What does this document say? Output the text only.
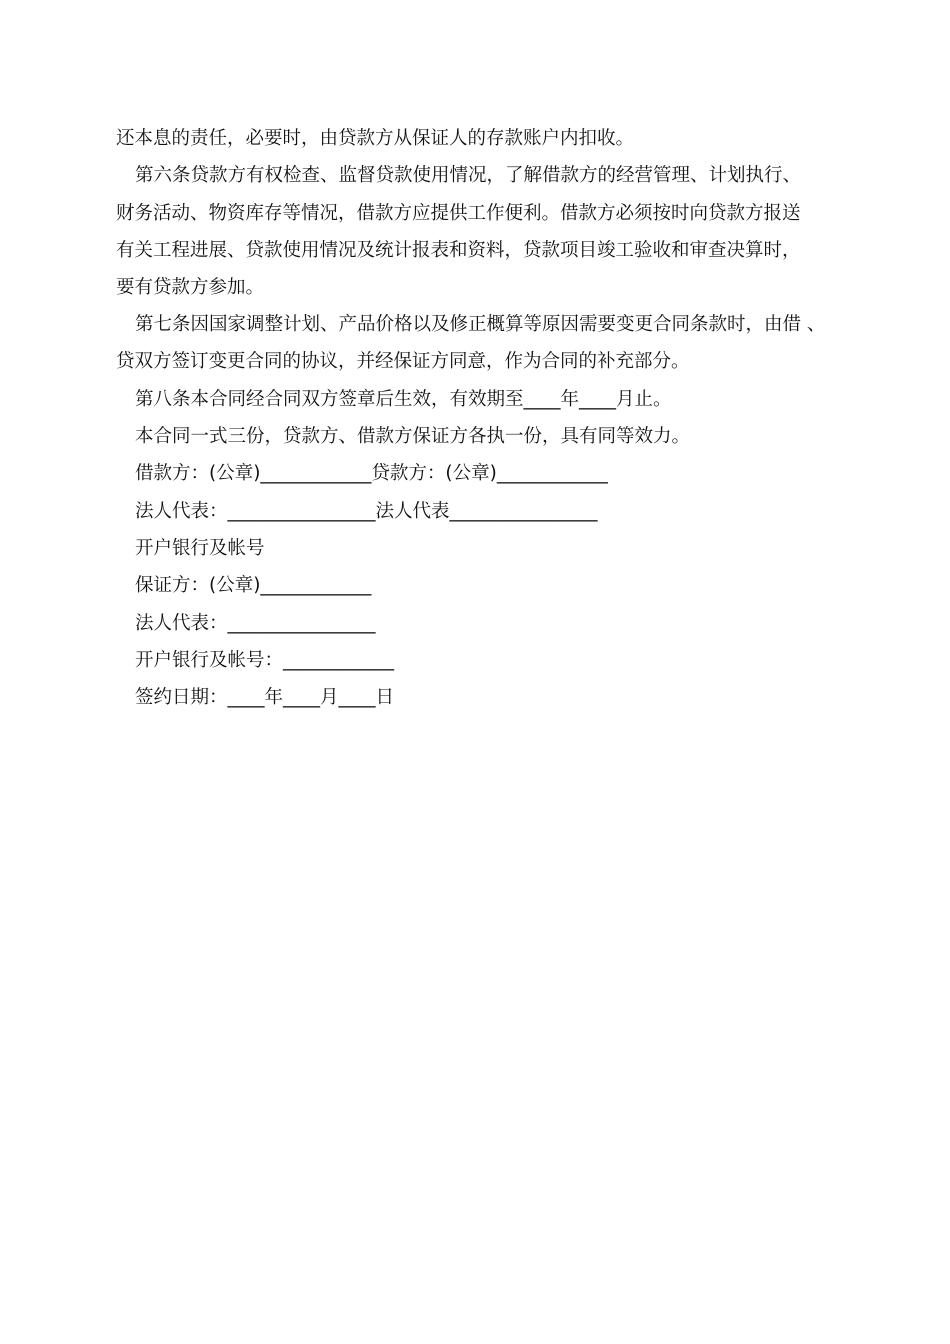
还本息的责任，必要时，由贷款方从保证人的存款账户内扣收。
第六条贷款方有权检查、监督贷款使用情况，了解借款方的经营管理、计划执行、
财务活动、物资库存等情况，借款方应提供工作便利。借款方必须按时向贷款方报送
有关工程进展、贷款使用情况及统计报表和资料，贷款项目竣工验收和审查决算时，
要有贷款方参加。
第七条因国家调整计划、产品价格以及修正概算等原因需要变更合同条款时，由借 、
贷双方签订变更合同的协议，并经保证方同意，作为合同的补充部分。
第八条本合同经合同双方签章后生效，有效期至____年____月止。
本合同一式三份，贷款方、借款方保证方各执一份，具有同等效力。
借款方：(公章)____________贷款方：(公章)____________
法人代表：________________法人代表________________
开户银行及帐号
保证方：(公章)____________
法人代表：________________
开户银行及帐号：____________
签约日期：____年____月____日
